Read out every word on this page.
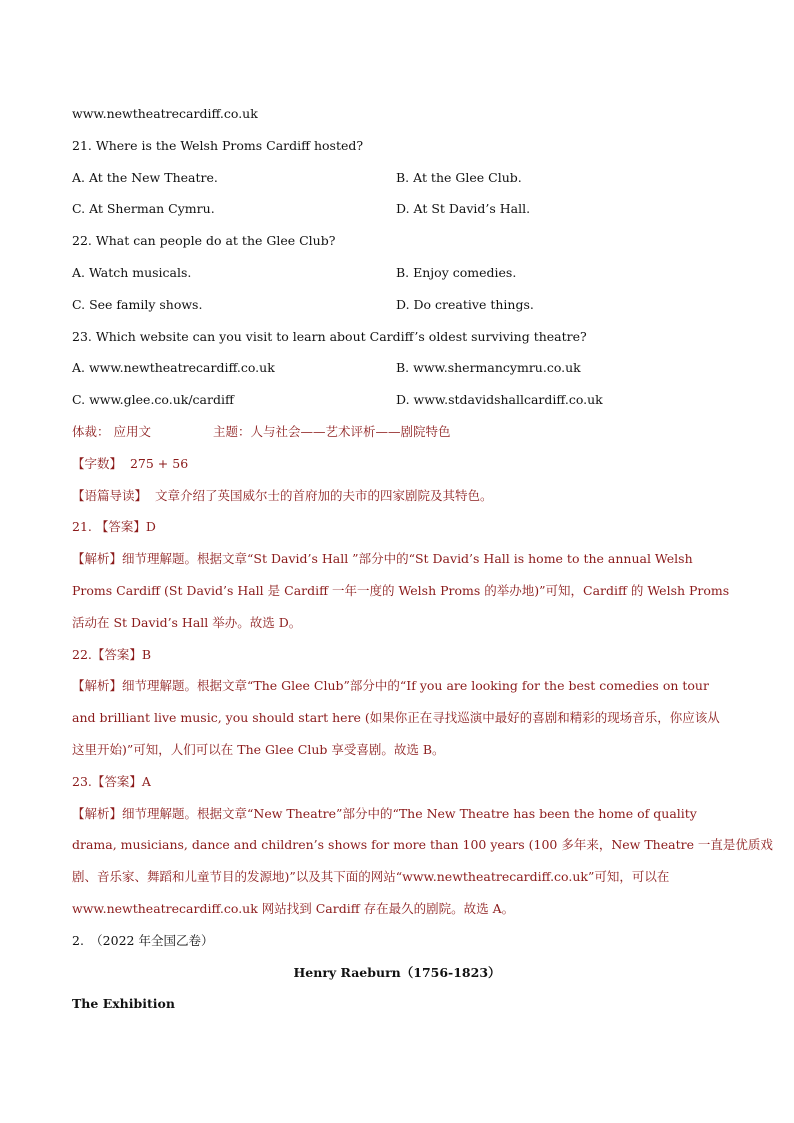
www.newtheatrecardiff.co.uk
21. Where is the Welsh Proms Cardiff hosted?
A. At the New Theatre.	B. At the Glee Club.
C. At Sherman Cymru.	D. At St David’s Hall.
22. What can people do at the Glee Club?
A. Watch musicals.	B. Enjoy comedies.
C. See family shows.	D. Do creative things.
23. Which website can you visit to learn about Cardiff’s oldest surviving theatre?
A. www.newtheatrecardiff.co.uk	B. www.shermancymru.co.uk
C. www.glee.co.uk/cardiff	D. www.stdavidshallcardiff.co.uk
体裁： 应用文	主题：人与社会——艺术评析——剧院特色
【字数】 275 + 56
【语篇导读】 文章介绍了英国威尔士的首府加的夫市的四家剧院及其特色。
21. 【答案】D
【解析】细节理解题。根据文章“St David’s Hall ”部分中的“St David’s Hall is home to the annual Welsh
Proms Cardiff (St David’s Hall 是 Cardiff 一年一度的 Welsh Proms 的举办地)”可知，Cardiff 的 Welsh Proms
活动在 St David’s Hall 举办。故选 D。
22.【答案】B
【解析】细节理解题。根据文章“The Glee Club”部分中的“If you are looking for the best comedies on tour
and brilliant live music, you should start here (如果你正在寻找巡演中最好的喜剧和精彩的现场音乐，你应该从
这里开始)”可知，人们可以在 The Glee Club 享受喜剧。故选 B。
23.【答案】A
【解析】细节理解题。根据文章“New Theatre”部分中的“The New Theatre has been the home of quality
drama, musicians, dance and children’s shows for more than 100 years (100 多年来，New Theatre 一直是优质戏
剧、音乐家、舞蹈和儿童节目的发源地)”以及其下面的网站“www.newtheatrecardiff.co.uk”可知，可以在
www.newtheatrecardiff.co.uk 网站找到 Cardiff 存在最久的剧院。故选 A。
2.　（2022 年全国乙卷）
Henry Raeburn（1756-1823）
The Exhibition
